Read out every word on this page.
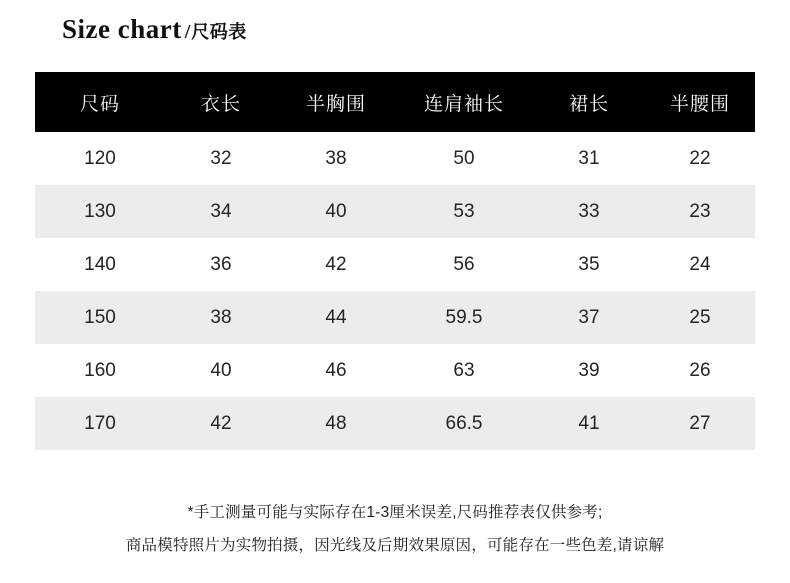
Size chart / 尺码表
尺码	衣长	半胸围	连肩袖长	裙长	半腰围
120	32	38	50	31	22
130	34	40	53	33	23
140	36	42	56	35	24
150	38	44	59.5	37	25
160	40	46	63	39	26
170	42	48	66.5	41	27
*手工测量可能与实际存在1-3厘米误差,尺码推荐表仅供参考;
商品模特照片为实物拍摄，因光线及后期效果原因，可能存在一些色差,请谅解
